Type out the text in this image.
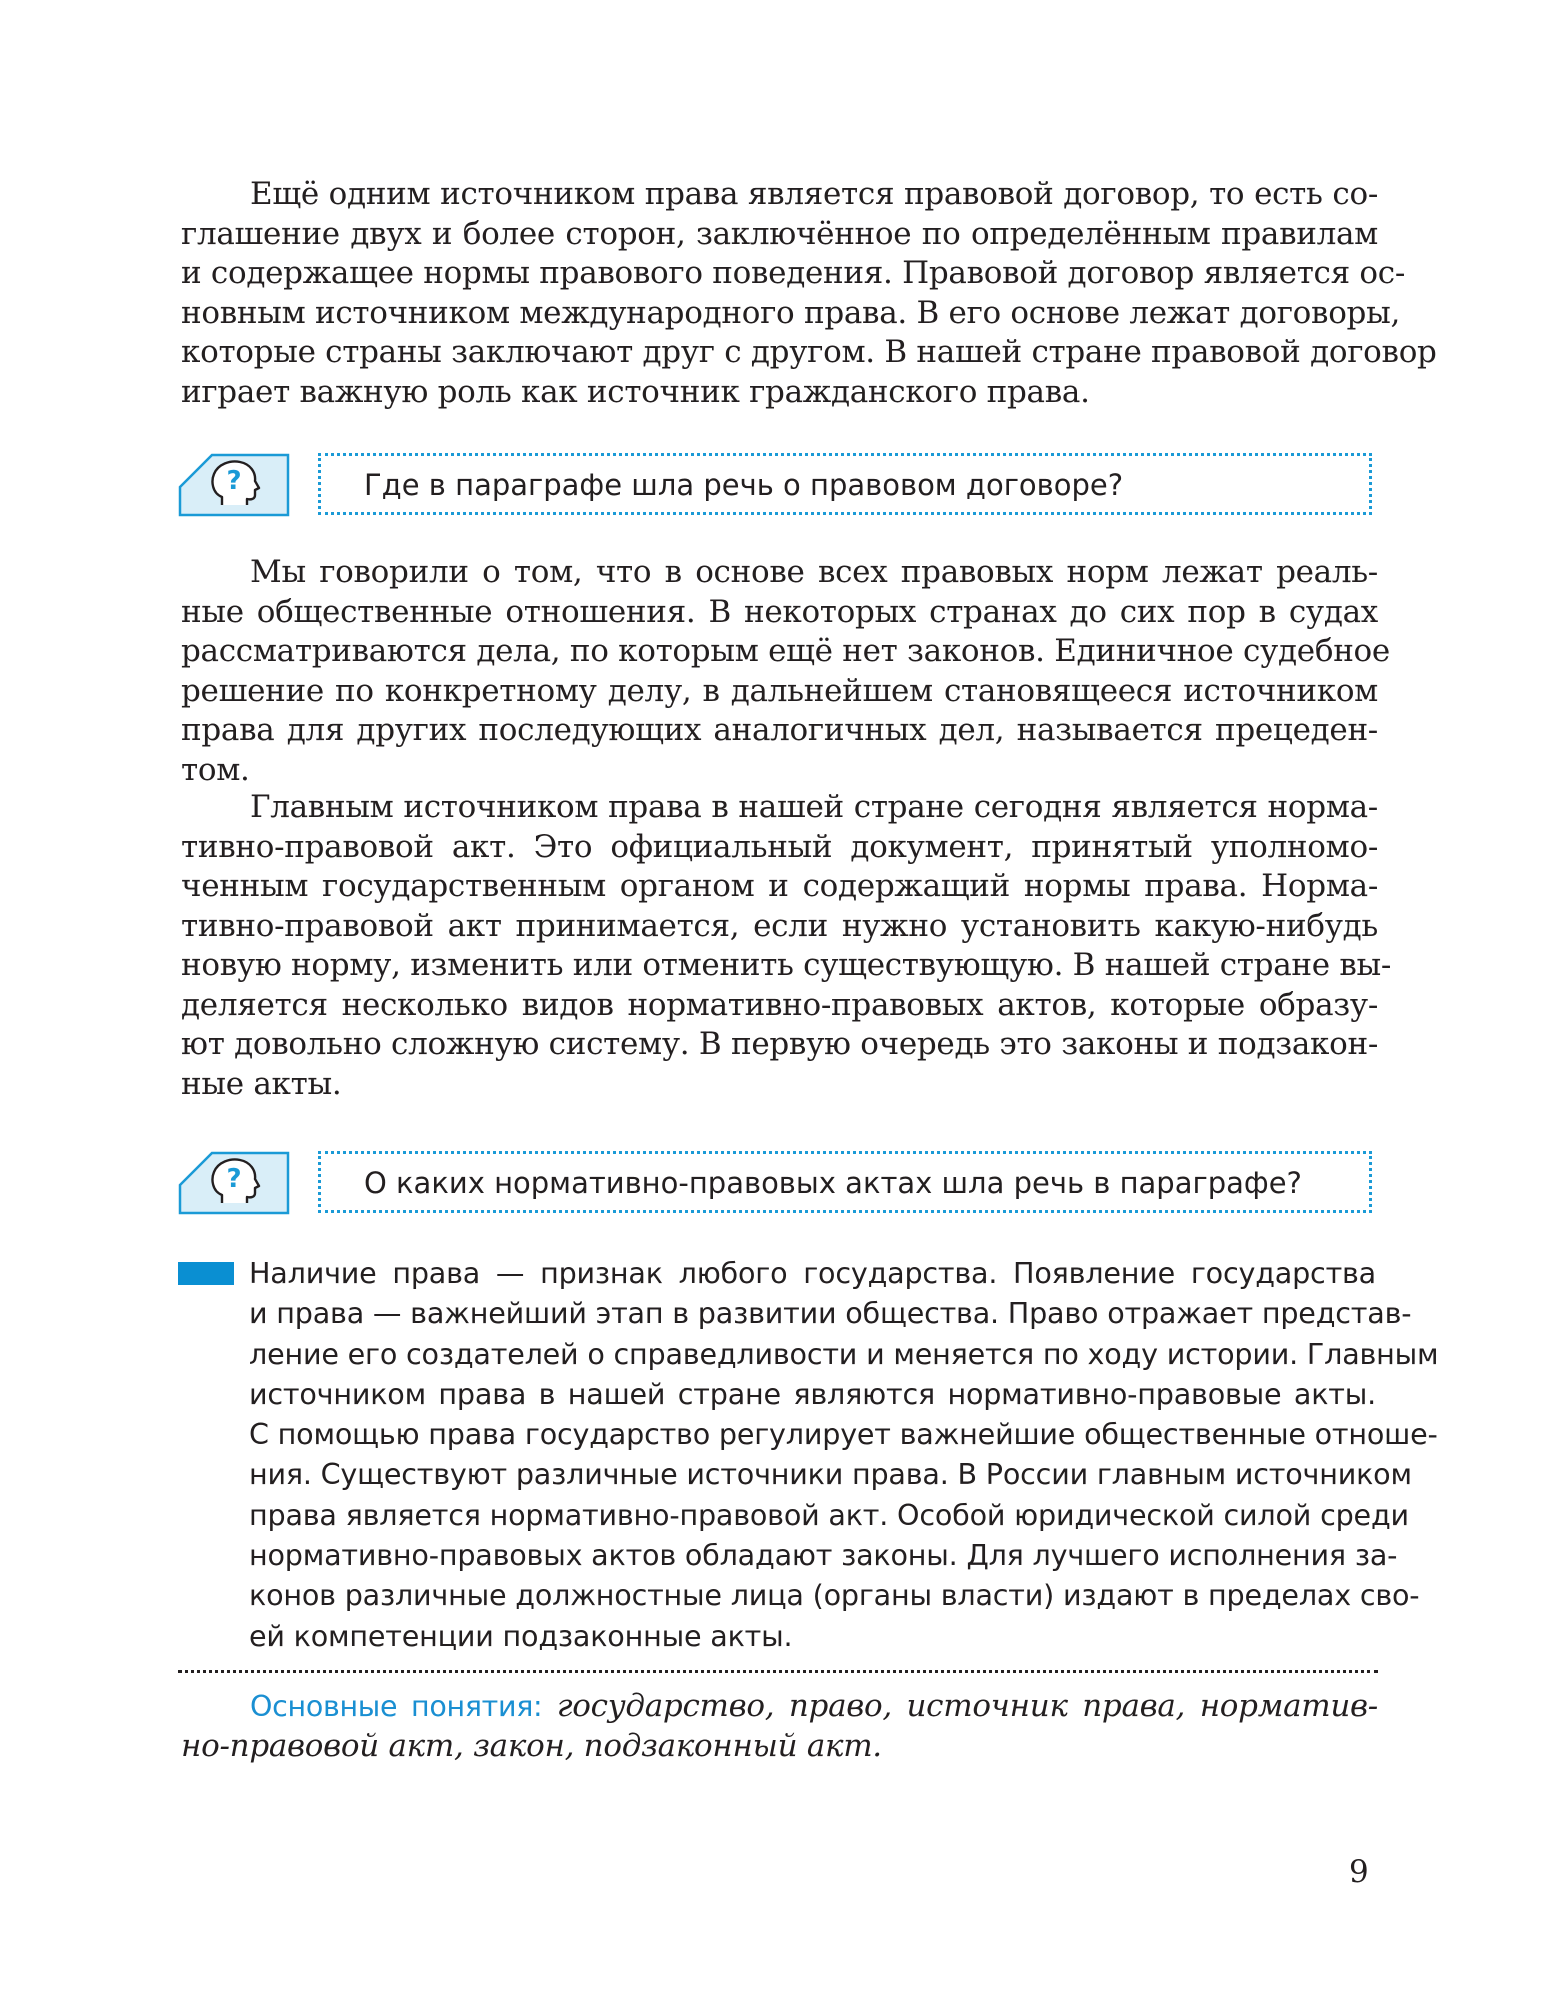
Ещё одним источником права является правовой договор, то есть со-
глашение двух и более сторон, заключённое по определённым правилам
и содержащее нормы правового поведения. Правовой договор является ос-
новным источником международного права. В его основе лежат договоры,
которые страны заключают друг с другом. В нашей стране правовой договор
играет важную роль как источник гражданского права.
?	Где в параграфе шла речь о правовом договоре?
Мы говорили о том, что в основе всех правовых норм лежат реаль-
ные общественные отношения. В некоторых странах до сих пор в судах
рассматриваются дела, по которым ещё нет законов. Единичное судебное
решение по конкретному делу, в дальнейшем становящееся источником
права для других последующих аналогичных дел, называется прецеден-
том.
Главным источником права в нашей стране сегодня является норма-
тивно-правовой акт. Это официальный документ, принятый уполномо-
ченным государственным органом и содержащий нормы права. Норма-
тивно-правовой акт принимается, если нужно установить какую-нибудь
новую норму, изменить или отменить существующую. В нашей стране вы-
деляется несколько видов нормативно-правовых актов, которые образу-
ют довольно сложную систему. В первую очередь это законы и подзакон-
ные акты.
?	О каких нормативно-правовых актах шла речь в параграфе?
Наличие права — признак любого государства. Появление государства
и права — важнейший этап в развитии общества. Право отражает представ-
ление его создателей о справедливости и меняется по ходу истории. Главным
источником права в нашей стране являются нормативно-правовые акты.
С помощью права государство регулирует важнейшие общественные отноше-
ния. Существуют различные источники права. В России главным источником
права является нормативно-правовой акт. Особой юридической силой среди
нормативно-правовых актов обладают законы. Для лучшего исполнения за-
конов различные должностные лица (органы власти) издают в пределах сво-
ей компетенции подзаконные акты.
Основные понятия: государство, право, источник права, норматив-
но-правовой акт, закон, подзаконный акт.
9
